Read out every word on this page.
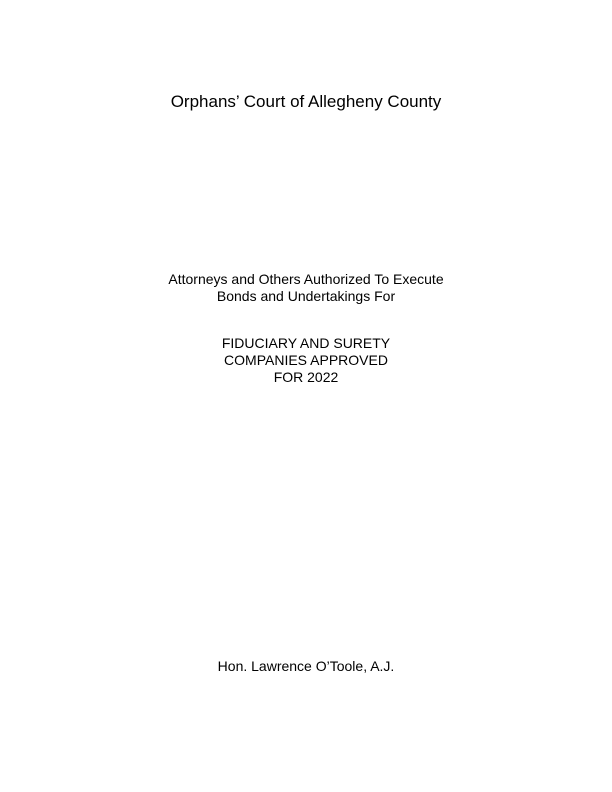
Orphans’ Court of Allegheny County
Attorneys and Others Authorized To Execute
Bonds and Undertakings For
FIDUCIARY AND SURETY
COMPANIES APPROVED
FOR 2022
Hon. Lawrence O’Toole, A.J.
